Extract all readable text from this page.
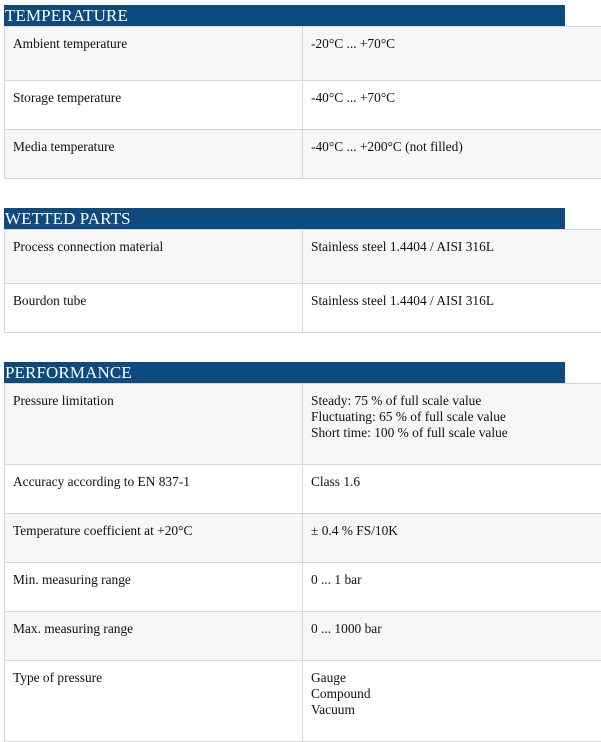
TEMPERATURE
Ambient temperature	-20°C ... +70°C
Storage temperature	-40°C ... +70°C
Media temperature	-40°C ... +200°C (not filled)
WETTED PARTS
Process connection material	Stainless steel 1.4404 / AISI 316L
Bourdon tube	Stainless steel 1.4404 / AISI 316L
PERFORMANCE
Pressure limitation	Steady: 75 % of full scale value
Fluctuating: 65 % of full scale value
Short time: 100 % of full scale value
Accuracy according to EN 837-1	Class 1.6
Temperature coefficient at +20°C	± 0.4 % FS/10K
Min. measuring range	0 ... 1 bar
Max. measuring range	0 ... 1000 bar
Type of pressure	Gauge
Compound
Vacuum
